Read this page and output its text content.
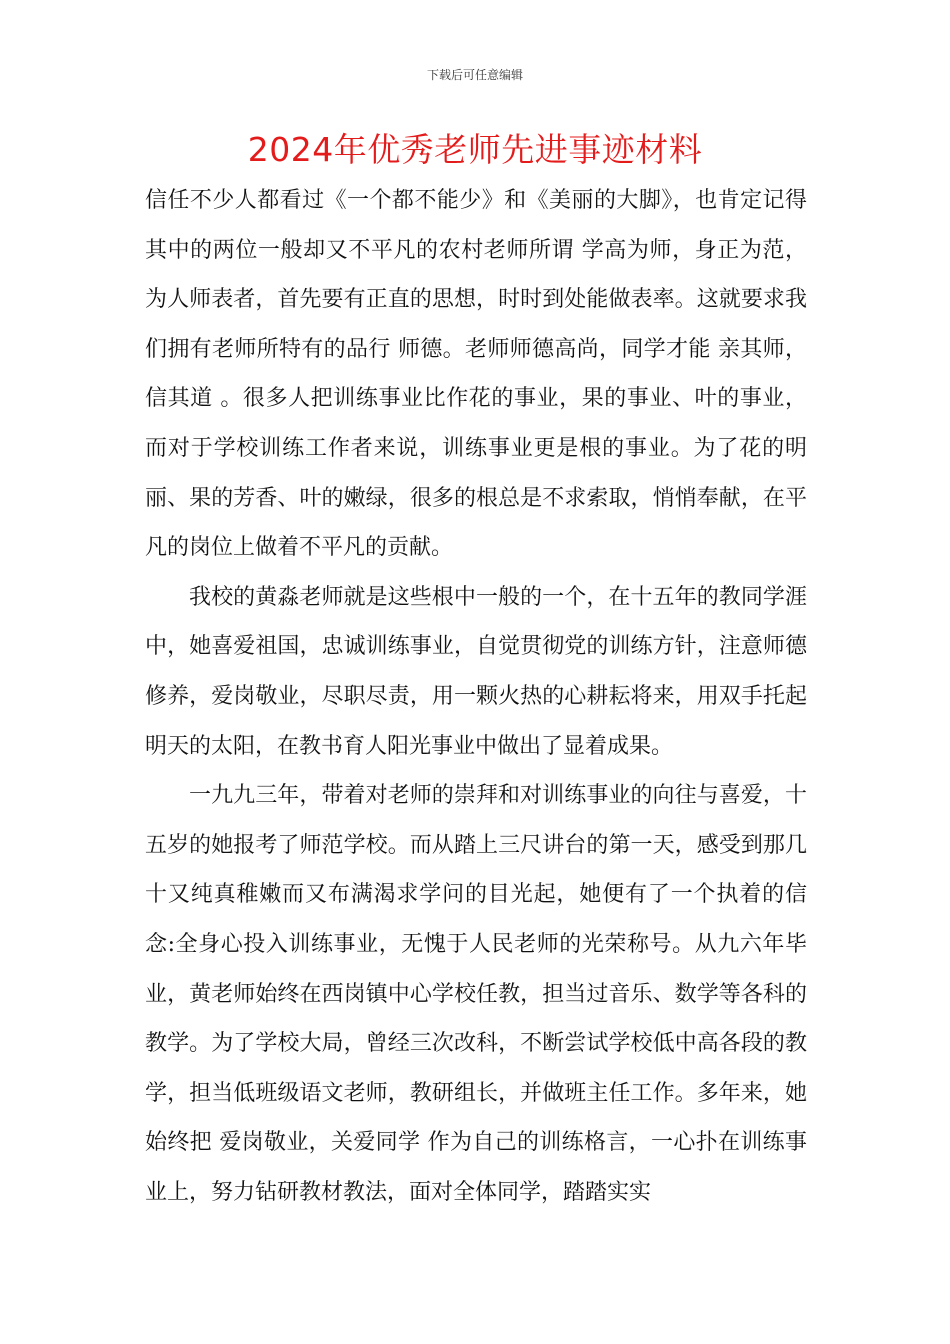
下载后可任意编辑
2024年优秀老师先进事迹材料

信任不少人都看过《一个都不能少》和《美丽的大脚》，也肯定记得其中的两位一般却又不平凡的农村老师所谓 学高为师，身正为范，为人师表者，首先要有正直的思想，时时到处能做表率。这就要求我们拥有老师所特有的品行 师德。老师师德高尚，同学才能 亲其师，信其道 。很多人把训练事业比作花的事业，果的事业、叶的事业，而对于学校训练工作者来说，训练事业更是根的事业。为了花的明丽、果的芳香、叶的嫩绿，很多的根总是不求索取，悄悄奉献，在平凡的岗位上做着不平凡的贡献。

我校的黄淼老师就是这些根中一般的一个，在十五年的教同学涯中，她喜爱祖国，忠诚训练事业，自觉贯彻党的训练方针，注意师德修养，爱岗敬业，尽职尽责，用一颗火热的心耕耘将来，用双手托起明天的太阳，在教书育人阳光事业中做出了显着成果。

一九九三年，带着对老师的崇拜和对训练事业的向往与喜爱，十五岁的她报考了师范学校。而从踏上三尺讲台的第一天，感受到那几十又纯真稚嫩而又布满渴求学问的目光起，她便有了一个执着的信念:全身心投入训练事业，无愧于人民老师的光荣称号。从九六年毕业，黄老师始终在西岗镇中心学校任教，担当过音乐、数学等各科的教学。为了学校大局，曾经三次改科，不断尝试学校低中高各段的教学，担当低班级语文老师，教研组长，并做班主任工作。多年来，她始终把 爱岗敬业，关爱同学 作为自己的训练格言，一心扑在训练事业上，努力钻研教材教法，面对全体同学，踏踏实实
